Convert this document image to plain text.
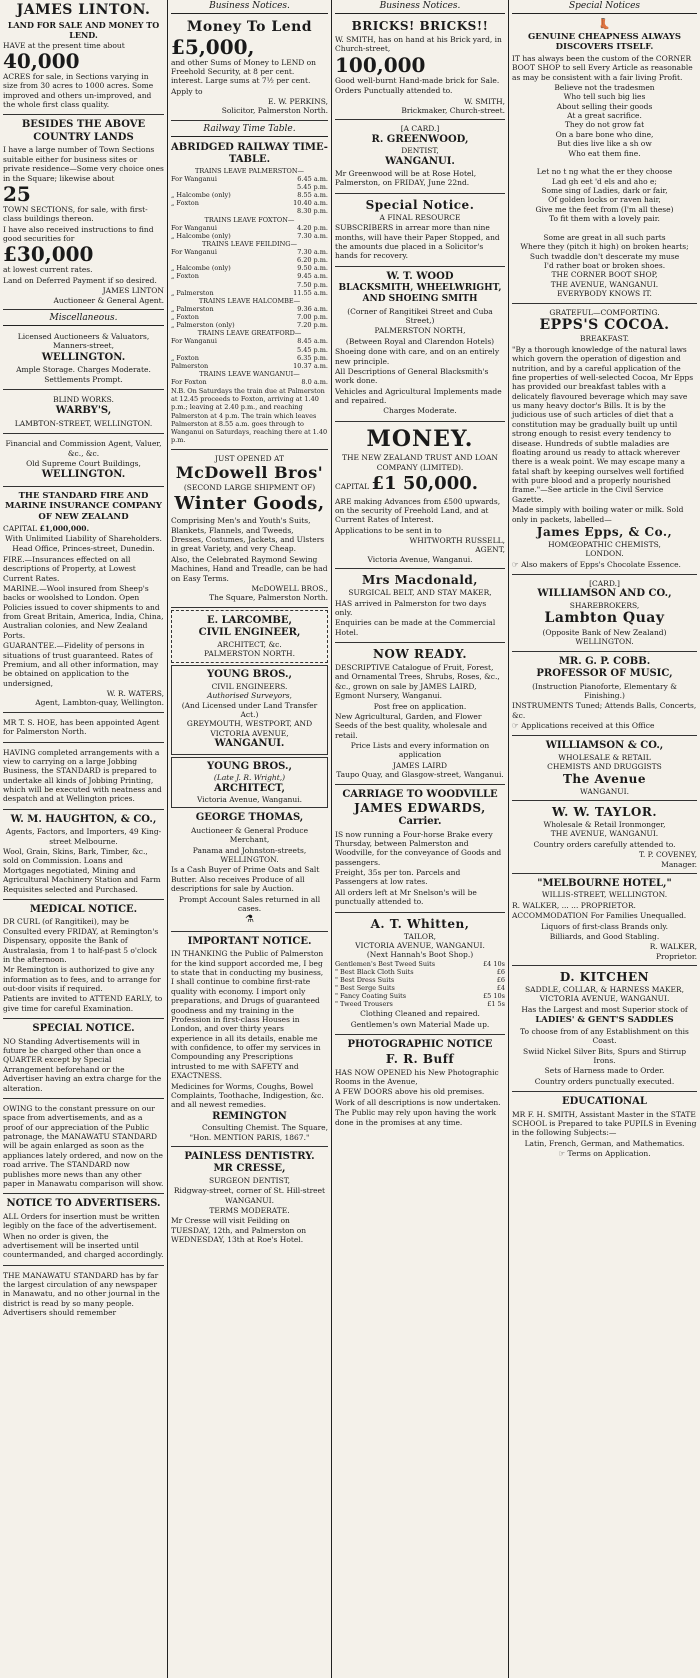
JAMES LINTON.
LAND FOR SALE AND MONEY TO LEND.

HAVE at the present time about

40,000

ACRES for sale, in Sections varying in size from 30 acres to 1000 acres. Some improved and others un-improved, and the whole first class quality.

BESIDES THE ABOVE COUNTRY LANDS

I have a large number of Town Sections suitable either for business sites or private residence—Some very choice ones in the Square; likewise about

25

TOWN SECTIONS, for sale, with first-class buildings thereon.

I have also received instructions to find good securities for

£30,000

at lowest current rates.

Land on Deferred Payment if so desired.

JAMES LINTON
Auctioneer & General Agent.
Miscellaneous.

Licensed Auctioneers & Valuators, Manners-street,

WELLINGTON.

Ample Storage. Charges Moderate. Settlements Prompt.

BLIND WORKS.

WARBY'S,

LAMBTON-STREET, WELLINGTON.

Financial and Commission Agent, Valuer, &c., &c.

Old Supreme Court Buildings,

WELLINGTON.
THE STANDARD FIRE AND MARINE INSURANCE COMPANY OF NEW ZEALAND

CAPITAL £1,000,000.

With Unlimited Liability of Shareholders.

Head Office, Princes-street, Dunedin.

FIRE.—Insurances effected on all descriptions of Property, at Lowest Current Rates.

MARINE.—Wool insured from Sheep's backs or woolshed to London. Open Policies issued to cover shipments to and from Great Britain, America, India, China, Australian colonies, and New Zealand Ports.

GUARANTEE.—Fidelity of persons in situations of trust guaranteed. Rates of Premium, and all other information, may be obtained on application to the undersigned,

W. R. WATERS,
Agent, Lambton-quay, Wellington.

MR T. S. HOE, has been appointed Agent for Palmerston North.

HAVING completed arrangements with a view to carrying on a large Jobbing Business, the STANDARD is prepared to undertake all kinds of Jobbing Printing, which will be executed with neatness and despatch and at Wellington prices.

W. M. HAUGHTON, & CO.,

Agents, Factors, and Importers, 49 King-street Melbourne.

Wool, Grain, Skins, Bark, Timber, &c., sold on Commission. Loans and Mortgages negotiated, Mining and Agricultural Machinery Station and Farm Requisites selected and Purchased.

MEDICAL NOTICE.

DR CURL (of Rangitikei), may be Consulted every FRIDAY, at Remington's Dispensary, opposite the Bank of Australasia, from 1 to half-past 5 o'clock in the afternoon.

Mr Remington is authorized to give any information as to fees, and to arrange for out-door visits if required.

Patients are invited to ATTEND EARLY, to give time for careful Examination.

SPECIAL NOTICE.

NO Standing Advertisements will in future be charged other than once a QUARTER except by Special Arrangement beforehand or the Advertiser having an extra charge for the alteration.

OWING to the constant pressure on our space from advertisements, and as a proof of our appreciation of the Public patronage, the MANAWATU STANDARD will be again enlarged as soon as the appliances lately ordered, and now on the road arrive. The STANDARD now publishes more news than any other paper in Manawatu comparison will show.

NOTICE TO ADVERTISERS.

ALL Orders for insertion must be written legibly on the face of the advertisement.

When no order is given, the advertisement will be inserted until countermanded, and charged accordingly.

THE MANAWATU STANDARD has by far the largest circulation of any newspaper in Manawatu, and no other journal in the district is read by so many people. Advertisers should remember

Business Notices.
Money To Lend
£5,000,

and other Sums of Money to LEND on Freehold Security, at 8 per cent. interest. Large sums at 7½ per cent.

Apply to

E. W. PERKINS,
Solicitor, Palmerston North.
Railway Time Table.
ABRIDGED RAILWAY TIME-TABLE.
TRAINS LEAVE PALMERSTON—
For Wanganui	6.45 a.m.
5.45 p.m.
„ Halcombe (only)	8.55 a.m.
„ Foxton	10.40 a.m.
8.30 p.m.
TRAINS LEAVE FOXTON—
For Wanganui	4.20 p.m.
„ Halcombe (only)	7.30 a.m.
TRAINS LEAVE FEILDING—
For Wanganui	7.30 a.m.
6.20 p.m.
„ Halcombe (only)	9.50 a.m.
„ Foxton	9.45 a.m.
7.50 p.m.
„ Palmerston	11.55 a.m.
TRAINS LEAVE HALCOMBE—
„ Palmerston	9.36 a.m.
„ Foxton	7.00 p.m.
„ Palmerston (only)	7.20 p.m.
TRAINS LEAVE GREATFORD—
For Wanganui	8.45 a.m.
5.45 p.m.
„ Foxton	6.35 p.m.
Palmerston	10.37 a.m.
TRAINS LEAVE WANGANUI—
For Foxton	8.0 a.m.

N.B. On Saturdays the train due at Palmerston at 12.45 proceeds to Foxton, arriving at 1.40 p.m.; leaving at 2.40 p.m., and reaching Palmerston at 4 p.m. The train which leaves Palmerston at 8.55 a.m. goes through to Wanganui on Saturdays, reaching there at 1.40 p.m.

JUST OPENED AT
McDowell Bros'
(SECOND LARGE SHIPMENT OF)
Winter Goods,

Comprising Men's and Youth's Suits, Blankets, Flannels, and Tweeds, Dresses, Costumes, Jackets, and Ulsters in great Variety, and very Cheap.

Also, the Celebrated Raymond Sewing Machines, Hand and Treadle, can be had on Easy Terms.

McDOWELL BROS.,
The Square, Palmerston North.
E. LARCOMBE,
CIVIL ENGINEER,
ARCHITECT, &c.
PALMERSTON NORTH.
YOUNG BROS.,
CIVIL ENGINEERS.
Authorised Surveyors,
(And Licensed under Land Transfer Act.)
GREYMOUTH, WESTPORT, AND
VICTORIA AVENUE,
WANGANUI.
YOUNG BROS.,
(Late J. R. Wright,)
ARCHITECT,
Victoria Avenue, Wanganui.
GEORGE THOMAS,

Auctioneer & General Produce Merchant,

Panama and Johnston-streets, WELLINGTON.

Is a Cash Buyer of Prime Oats and Salt Butter. Also receives Produce of all descriptions for sale by Auction.

Prompt Account Sales returned in all cases.

⚗
IMPORTANT NOTICE.

IN THANKING the Public of Palmerston for the kind support accorded me, I beg to state that in conducting my business, I shall continue to combine first-rate quality with economy. I import only preparations, and Drugs of guaranteed goodness and my training in the Profession in first-class Houses in London, and over thirty years experience in all its details, enable me with confidence, to offer my services in Compounding any Prescriptions intrusted to me with SAFETY and EXACTNESS.

Medicines for Worms, Coughs, Bowel Complaints, Toothache, Indigestion, &c. and all newest remedies.

REMINGTON
Consulting Chemist. The Square,
"Hon. MENTION PARIS, 1867."
PAINLESS DENTISTRY.
MR CRESSE,
SURGEON DENTIST,

Ridgway-street, corner of St. Hill-street WANGANUI.

TERMS MODERATE.

Mr Cresse will visit Feilding on TUESDAY, 12th, and Palmerston on WEDNESDAY, 13th at Roe's Hotel.

Business Notices.
BRICKS! BRICKS!!

W. SMITH, has on hand at his Brick yard, in Church-street,

100,000

Good well-burnt Hand-made brick for Sale.

Orders Punctually attended to.

W. SMITH,
Brickmaker, Church-street.
[A CARD.]
R. GREENWOOD,
DENTIST,
WANGANUI.

Mr Greenwood will be at Rose Hotel, Palmerston, on FRIDAY, June 22nd.

Special Notice.
A FINAL RESOURCE

SUBSCRIBERS in arrear more than nine months, will have their Paper Stopped, and the amounts due placed in a Solicitor's hands for recovery.

W. T. WOOD
BLACKSMITH, WHEELWRIGHT, AND SHOEING SMITH

(Corner of Rangitikei Street and Cuba Street,)

PALMERSTON NORTH,

(Between Royal and Clarendon Hotels)

Shoeing done with care, and on an entirely new principle.

All Descriptions of General Blacksmith's work done.

Vehicles and Agricultural Implements made and repaired.

Charges Moderate.

MONEY.
THE NEW ZEALAND TRUST AND LOAN COMPANY (LIMITED).

CAPITAL £1 50,000.

ARE making Advances from £500 upwards, on the security of Freehold Land, and at Current Rates of Interest.

Applications to be sent in to

WHITWORTH RUSSELL,
AGENT,
Victoria Avenue, Wanganui.
Mrs Macdonald,
SURGICAL BELT, AND STAY MAKER,

HAS arrived in Palmerston for two days only.

Enquiries can be made at the Commercial Hotel.

NOW READY.

DESCRIPTIVE Catalogue of Fruit, Forest, and Ornamental Trees, Shrubs, Roses, &c., &c., grown on sale by JAMES LAIRD, Egmont Nursery, Wanganui.

Post free on application.

New Agricultural, Garden, and Flower Seeds of the best quality, wholesale and retail.

Price Lists and every information on application

JAMES LAIRD
Taupo Quay, and Glasgow-street, Wanganui.
CARRIAGE TO WOODVILLE
JAMES EDWARDS,
Carrier.

IS now running a Four-horse Brake every Thursday, between Palmerston and Woodville, for the conveyance of Goods and passengers.

Freight, 35s per ton. Parcels and Passengers at low rates.

All orders left at Mr Snelson's will be punctually attended to.

A. T. Whitten,
TAILOR,
VICTORIA AVENUE, WANGANUI.
(Next Hannah's Boot Shop.)
Gentlemen's Best Tweed Suits	£4 10s
" Best Black Cloth Suits	£6
" Best Dress Suits	£6
" Best Serge Suits	£4
" Fancy Coating Suits	£5 10s
" Tweed Trousers	£1 5s

Clothing Cleaned and repaired.

Gentlemen's own Material Made up.

PHOTOGRAPHIC NOTICE
F. R. Buff

HAS NOW OPENED his New Photographic Rooms in the Avenue,

A FEW DOORS above his old premises.

Work of all descriptions is now undertaken.

The Public may rely upon having the work done in the promises at any time.

Special Notices
👢
GENUINE CHEAPNESS ALWAYS DISCOVERS ITSELF.

IT has always been the custom of the CORNER BOOT SHOP to sell Every Article as reasonable as may be consistent with a fair living Profit.

Believe not the tradesmen
Who tell such big lies
About selling their goods
At a great sacrifice.
They do not grow fat
On a bare bone who dine,
But dies live like a sh ow
Who eat them fine.

Let no t ng what the er they choose
Lad gh eet 'd els and aho e;
Some sing of Ladies, dark or fair,
Of golden locks or raven hair,
Give me the feet from (I'm all these)
To fit them with a lovely pair.

Some are great in all such parts
Where they (pitch it high) on broken hearts;
Such twaddle don't descerate my muse
I'd rather boat or broken shoes.
THE CORNER BOOT SHOP,
THE AVENUE, WANGANUI.
EVERYBODY KNOWS IT.
GRATEFUL—COMFORTING.
EPPS'S COCOA.
BREAKFAST.

"By a thorough knowledge of the natural laws which govern the operation of digestion and nutrition, and by a careful application of the fine properties of well-selected Cocoa, Mr Epps has provided our breakfast tables with a delicately flavoured beverage which may save us many heavy doctor's Bills. It is by the judicious use of such articles of diet that a constitution may be gradually built up until strong enough to resist every tendency to disease. Hundreds of subtle maladies are floating around us ready to attack wherever there is a weak point. We may escape many a fatal shaft by keeping ourselves well fortified with pure blood and a properly nourished frame."—See article in the Civil Service Gazette.

Made simply with boiling water or milk. Sold only in packets, labelled—

James Epps, & Co.,
HOMŒOPATHIC CHEMISTS,
LONDON.

☞ Also makers of Epps's Chocolate Essence.

[CARD.]
WILLIAMSON AND CO.,
SHAREBROKERS,
Lambton Quay
(Opposite Bank of New Zealand)
WELLINGTON.
MR. G. P. COBB.
PROFESSOR OF MUSIC,

(Instruction Pianoforte, Elementary & Finishing.)

INSTRUMENTS Tuned; Attends Balls, Concerts, &c.

☞ Applications received at this Office

WILLIAMSON & CO.,
WHOLESALE & RETAIL
CHEMISTS AND DRUGGISTS
The Avenue
WANGANUI.
W. W. TAYLOR.
Wholesale & Retail Ironmonger,
THE AVENUE, WANGANUI.

Country orders carefully attended to.

T. P. COVENEY,
Manager.
"MELBOURNE HOTEL,"
WILLIS-STREET, WELLINGTON.

R. WALKER, ... ... PROPRIETOR.

ACCOMMODATION For Families Unequalled.

Liquors of first-class Brands only.

Billiards, and Good Stabling.

R. WALKER,
Proprietor.
D. KITCHEN
SADDLE, COLLAR, & HARNESS MAKER,
VICTORIA AVENUE, WANGANUI.

Has the Largest and most Superior stock of

LADIES' & GENT'S SADDLES

To choose from of any Establishment on this Coast.

Swiid Nickel Silver Bits, Spurs and Stirrup Irons.

Sets of Harness made to Order.

Country orders punctually executed.

EDUCATIONAL

MR F. H. SMITH, Assistant Master in the STATE SCHOOL is Prepared to take PUPILS in Evening in the following Subjects:—

Latin, French, German, and Mathematics.

☞ Terms on Application.
